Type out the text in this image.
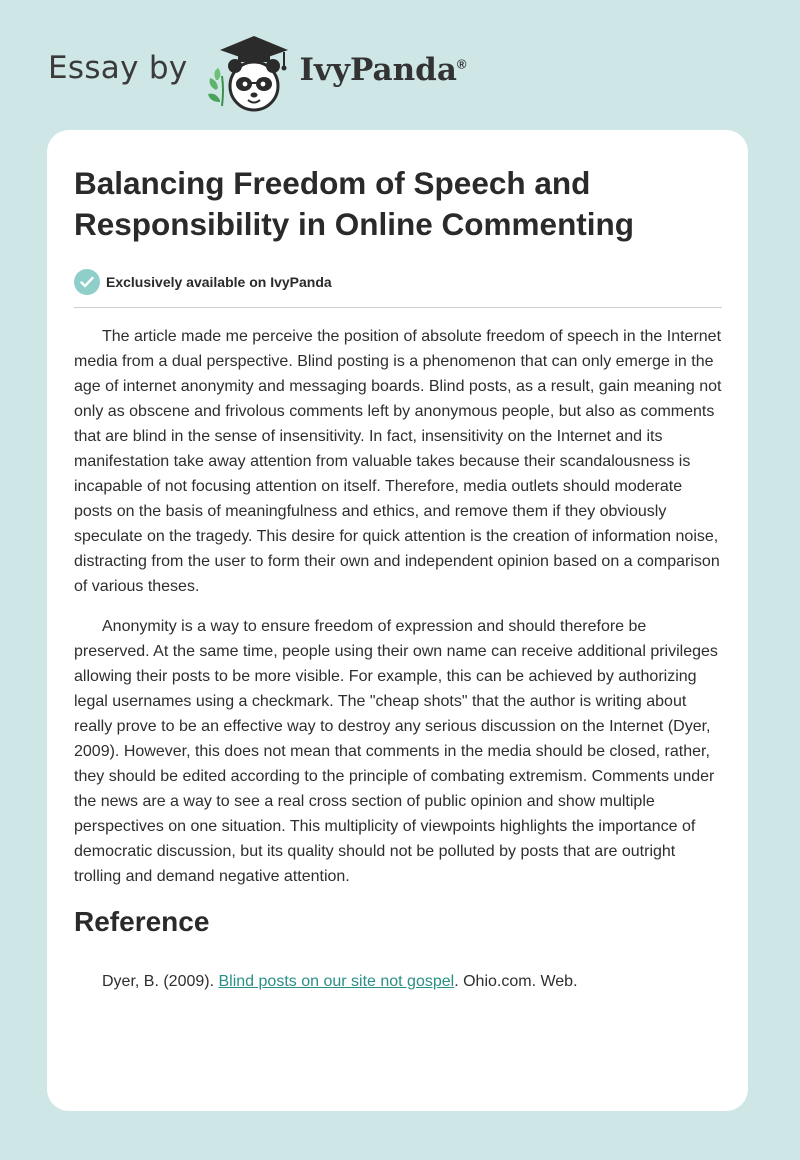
Essay by	IvyPanda®
Balancing Freedom of Speech and
Responsibility in Online Commenting
Exclusively available on IvyPanda

The article made me perceive the position of absolute freedom of speech in the Internet media from a dual perspective. Blind posting is a phenomenon that can only emerge in the age of internet anonymity and messaging boards. Blind posts, as a result, gain meaning not only as obscene and frivolous comments left by anonymous people, but also as comments that are blind in the sense of insensitivity. In fact, insensitivity on the Internet and its manifestation take away attention from valuable takes because their scandalousness is incapable of not focusing attention on itself. Therefore, media outlets should moderate posts on the basis of meaningfulness and ethics, and remove them if they obviously speculate on the tragedy. This desire for quick attention is the creation of information noise, distracting from the user to form their own and independent opinion based on a comparison of various theses.

Anonymity is a way to ensure freedom of expression and should therefore be preserved. At the same time, people using their own name can receive additional privileges allowing their posts to be more visible. For example, this can be achieved by authorizing legal usernames using a checkmark. The "cheap shots" that the author is writing about really prove to be an effective way to destroy any serious discussion on the Internet (Dyer, 2009). However, this does not mean that comments in the media should be closed, rather, they should be edited according to the principle of combating extremism. Comments under the news are a way to see a real cross section of public opinion and show multiple perspectives on one situation. This multiplicity of viewpoints highlights the importance of democratic discussion, but its quality should not be polluted by posts that are outright trolling and demand negative attention.

Reference
Dyer, B. (2009). Blind posts on our site not gospel. Ohio.com. Web.
